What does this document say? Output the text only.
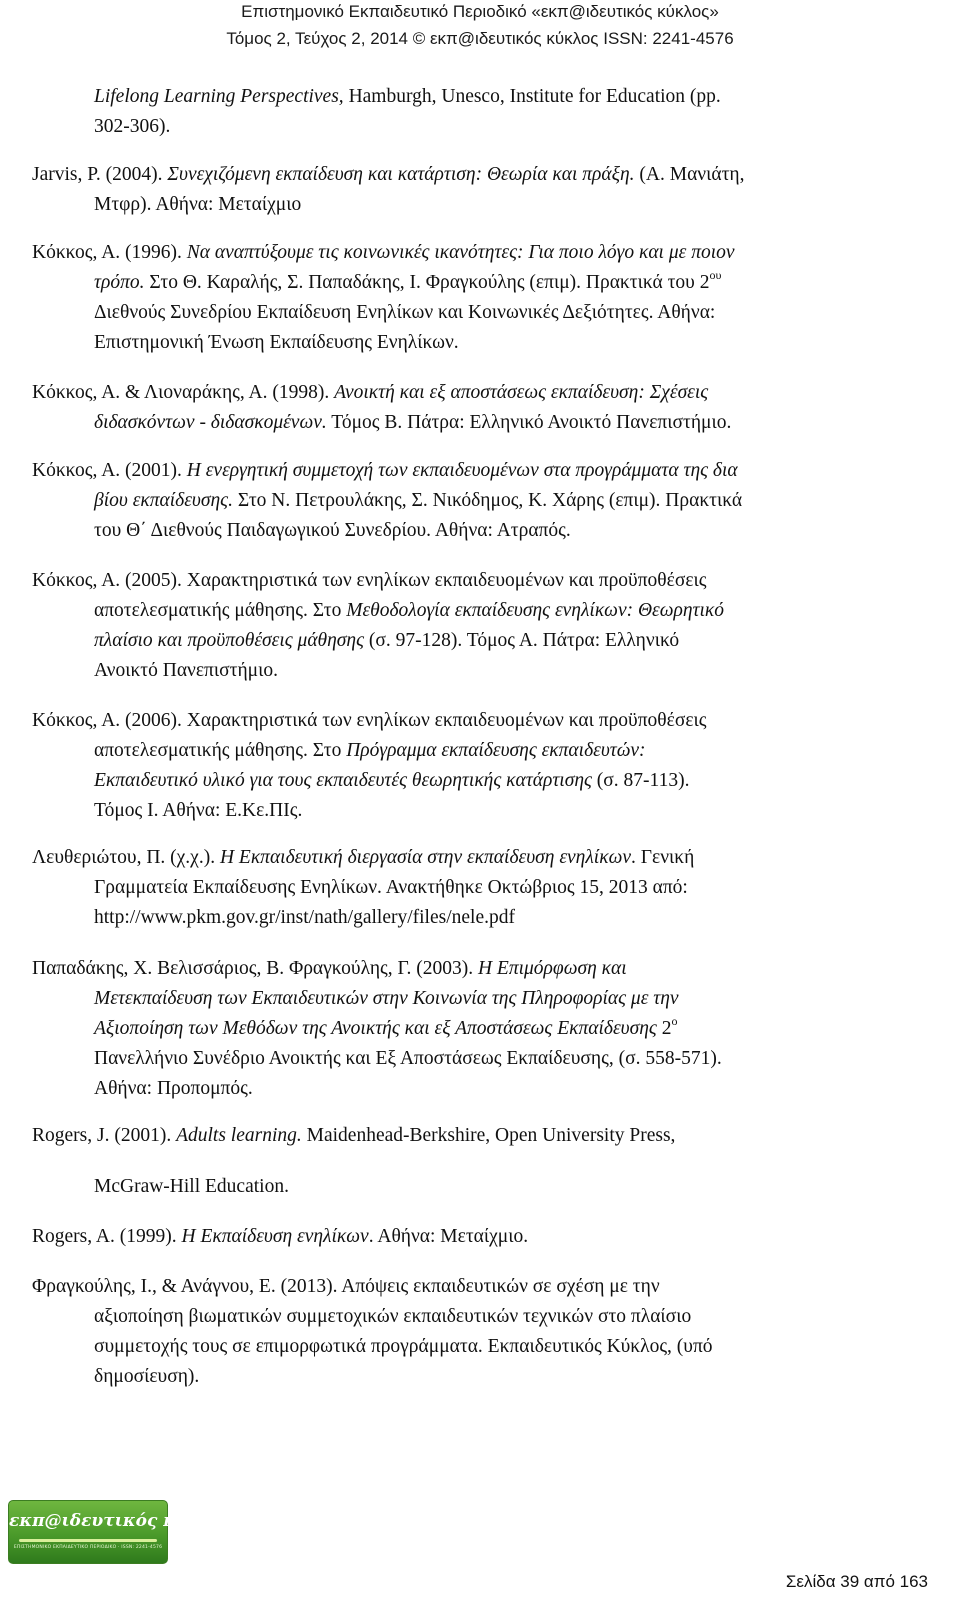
Επιστημονικό Εκπαιδευτικό Περιοδικό «εκπ@ιδευτικός κύκλος»
Τόμος 2, Τεύχος 2, 2014 © εκπ@ιδευτικός κύκλος ISSN: 2241-4576
Lifelong Learning Perspectives, Hamburgh, Unesco, Institute for Education (pp.
302-306).
Jarvis, P. (2004). Συνεχιζόμενη εκπαίδευση και κατάρτιση: Θεωρία και πράξη. (Α. Μανιάτη,
Μτφρ). Αθήνα: Μεταίχμιο
Κόκκος, Α. (1996). Να αναπτύξουμε τις κοινωνικές ικανότητες: Για ποιο λόγο και με ποιον
τρόπο. Στο Θ. Καραλής, Σ. Παπαδάκης, Ι. Φραγκούλης (επιμ). Πρακτικά του $2^{o\upsilon}$
Διεθνούς Συνεδρίου Εκπαίδευση Ενηλίκων και Κοινωνικές Δεξιότητες. Αθήνα:
Επιστημονική Ένωση Εκπαίδευσης Ενηλίκων.
Κόκκος, Α. & Λιοναράκης, Α. (1998). Ανοικτή και εξ αποστάσεως εκπαίδευση: Σχέσεις
διδασκόντων - διδασκομένων. Τόμος Β. Πάτρα: Ελληνικό Ανοικτό Πανεπιστήμιο.
Κόκκος, Α. (2001). Η ενεργητική συμμετοχή των εκπαιδευομένων στα προγράμματα της δια
βίου εκπαίδευσης. Στο Ν. Πετρουλάκης, Σ. Νικόδημος, Κ. Χάρης (επιμ). Πρακτικά
του Θ΄ Διεθνούς Παιδαγωγικού Συνεδρίου. Αθήνα: Ατραπός.
Κόκκος, Α. (2005). Χαρακτηριστικά των ενηλίκων εκπαιδευομένων και προϋποθέσεις
αποτελεσματικής μάθησης. Στο Μεθοδολογία εκπαίδευσης ενηλίκων: Θεωρητικό
πλαίσιο και προϋποθέσεις μάθησης (σ. 97-128). Τόμος Α. Πάτρα: Ελληνικό
Ανοικτό Πανεπιστήμιο.
Κόκκος, Α. (2006). Χαρακτηριστικά των ενηλίκων εκπαιδευομένων και προϋποθέσεις
αποτελεσματικής μάθησης. Στο Πρόγραμμα εκπαίδευσης εκπαιδευτών:
Εκπαιδευτικό υλικό για τους εκπαιδευτές θεωρητικής κατάρτισης (σ. 87-113).
Τόμος Ι. Αθήνα: Ε.Κε.ΠΙς.
Λευθεριώτου, Π. (χ.χ.). Η Εκπαιδευτική διεργασία στην εκπαίδευση ενηλίκων. Γενική
Γραμματεία Εκπαίδευσης Ενηλίκων. Ανακτήθηκε Οκτώβριος 15, 2013 από:
http://www.pkm.gov.gr/inst/nath/gallery/files/nele.pdf
Παπαδάκης, Χ. Βελισσάριος, Β. Φραγκούλης, Γ. (2003). Η Επιμόρφωση και
Μετεκπαίδευση των Εκπαιδευτικών στην Κοινωνία της Πληροφορίας με την
Αξιοποίηση των Μεθόδων της Ανοικτής και εξ Αποστάσεως Εκπαίδευσης $2^o$
Πανελλήνιο Συνέδριο Ανοικτής και Εξ Αποστάσεως Εκπαίδευσης, (σ. 558-571).
Αθήνα: Προπομπός.
Rogers, J. (2001). Adults learning. Maidenhead-Berkshire, Open University Press,
McGraw-Hill Education.
Rogers, A. (1999). Η Εκπαίδευση ενηλίκων. Αθήνα: Μεταίχμιο.
Φραγκούλης, Ι., & Ανάγνου, Ε. (2013). Απόψεις εκπαιδευτικών σε σχέση με την
αξιοποίηση βιωματικών συμμετοχικών εκπαιδευτικών τεχνικών στο πλαίσιο
συμμετοχής τους σε επιμορφωτικά προγράμματα. Εκπαιδευτικός Κύκλος, (υπό
δημοσίευση).
εκπ@ιδευτικός κύκλος
ΕΠΙΣΤΗΜΟΝΙΚΟ ΕΚΠΑΙΔΕΥΤΙΚΟ ΠΕΡΙΟΔΙΚΟ · ISSN: 2241-4576
Σελίδα 39 από 163
